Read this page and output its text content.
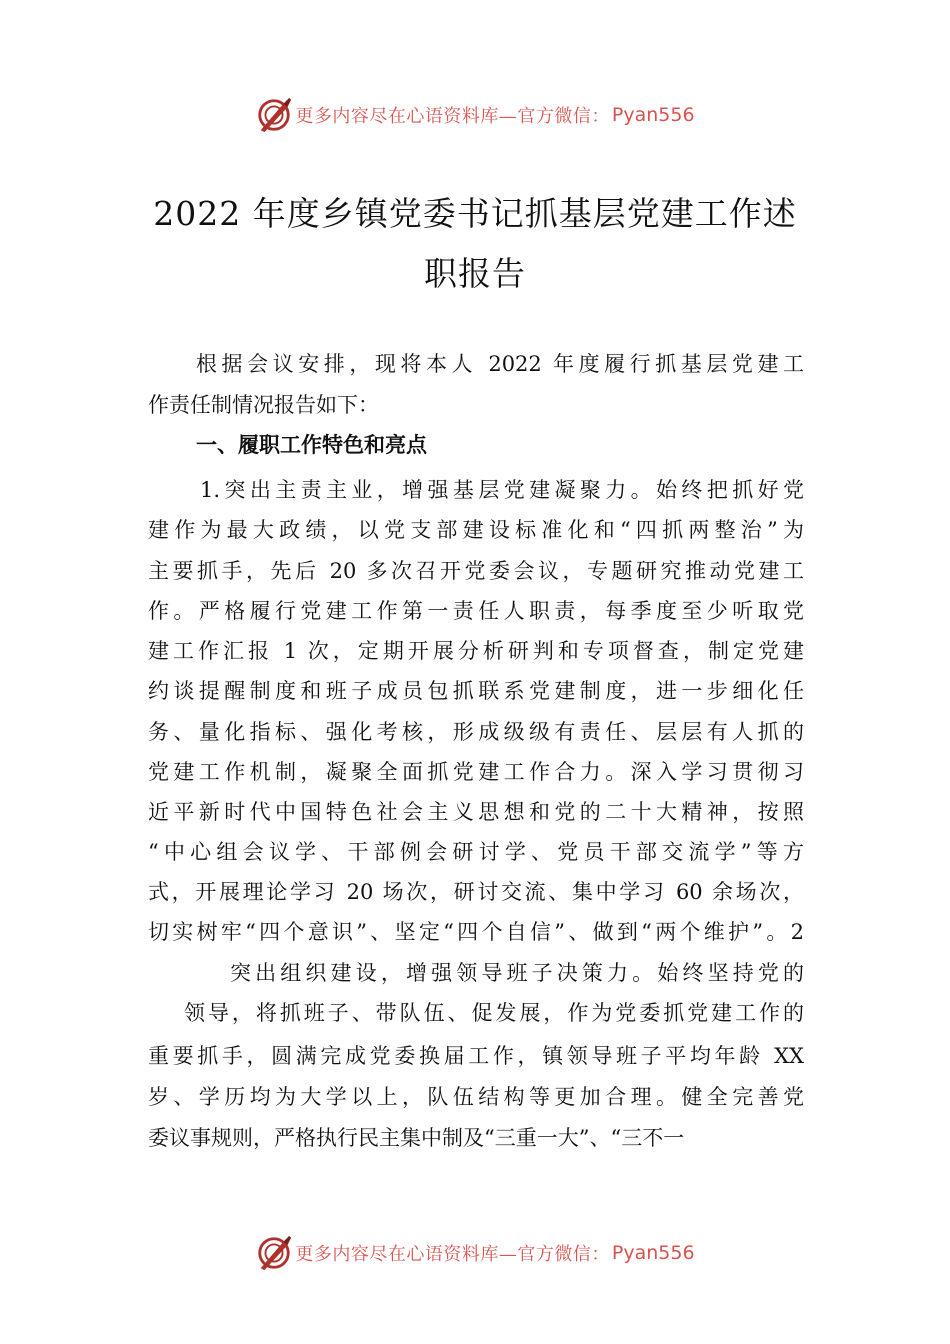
更多内容尽在心语资料库—官方微信： Pyan556
2022 年度乡镇党委书记抓基层党建工作述
职报告
根据会议安排，现将本人 2022 年度履行抓基层党建工
作责任制情况报告如下：
一、履职工作特色和亮点
1.突出主责主业，增强基层党建凝聚力。始终把抓好党
建作为最大政绩，以党支部建设标准化和“四抓两整治”为
主要抓手，先后 20 多次召开党委会议，专题研究推动党建工
作。严格履行党建工作第一责任人职责，每季度至少听取党
建工作汇报 1 次，定期开展分析研判和专项督查，制定党建
约谈提醒制度和班子成员包抓联系党建制度，进一步细化任
务、量化指标、强化考核，形成级级有责任、层层有人抓的
党建工作机制，凝聚全面抓党建工作合力。深入学习贯彻习
近平新时代中国特色社会主义思想和党的二十大精神，按照
“中心组会议学、干部例会研讨学、党员干部交流学”等方
式，开展理论学习 20 场次，研讨交流、集中学习 60 余场次，
切实树牢“四个意识”、坚定“四个自信”、做到“两个维护”。2
突出组织建设，增强领导班子决策力。始终坚持党的
领导，将抓班子、带队伍、促发展，作为党委抓党建工作的
重要抓手，圆满完成党委换届工作，镇领导班子平均年龄 XX
岁、学历均为大学以上，队伍结构等更加合理。健全完善党
委议事规则，严格执行民主集中制及“三重一大”、“三不一
更多内容尽在心语资料库—官方微信： Pyan556
